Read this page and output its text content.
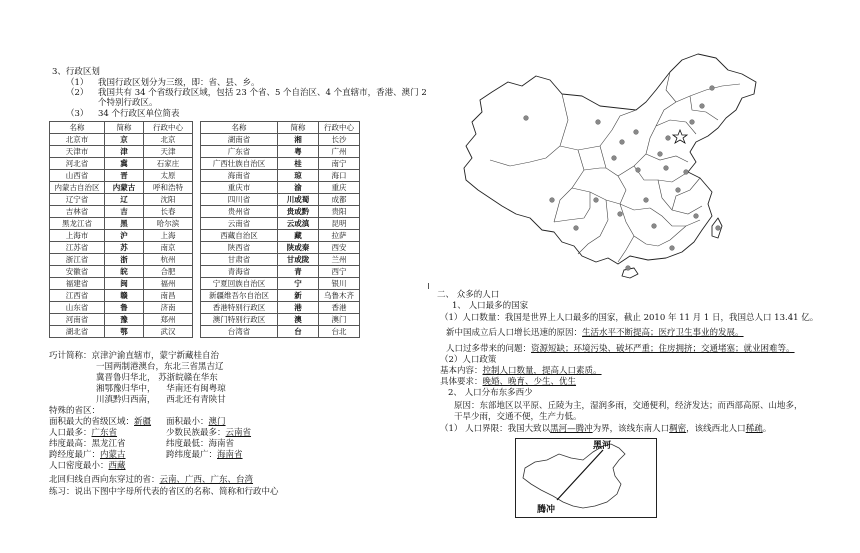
3、行政区划
（1） 我国行政区划分为三级，即：省、县、乡。
（2） 我国共有 34 个省级行政区域，包括 23 个省、5 个自治区、4 个直辖市，香港、澳门 2
个特别行政区。
（3） 34 个行政区单位简表
名称	简称	行政中心
北京市	京	北京
天津市	津	天津
河北省	冀	石家庄
山西省	晋	太原
内蒙古自治区	内蒙古	呼和浩特
辽宁省	辽	沈阳
吉林省	吉	长春
黑龙江省	黑	哈尔滨
上海市	沪	上海
江苏省	苏	南京
浙江省	浙	杭州
安徽省	皖	合肥
福建省	闽	福州
江西省	赣	南昌
山东省	鲁	济南
河南省	豫	郑州
湖北省	鄂	武汉
名称	简称	行政中心
湖南省	湘	长沙
广东省	粤	广州
广西壮族自治区	桂	南宁
海南省	琼	海口
重庆市	渝	重庆
四川省	川或蜀	成都
贵州省	贵或黔	贵阳
云南省	云或滇	昆明
西藏自治区	藏	拉萨
陕西省	陕或秦	西安
甘肃省	甘或陇	兰州
青海省	青	西宁
宁夏回族自治区	宁	银川
新疆维吾尔自治区	新	乌鲁木齐
香港特别行政区	港	香港
澳门特别行政区	澳	澳门
台湾省	台	台北
巧计简称：京津沪渝直辖市，蒙宁新藏桂自治
一国两制港澳台，东北三省黑吉辽
冀晋鲁归华北， 苏浙皖赣在华东
湘鄂豫归华中，    华南还有闽粤琼
川滇黔归西南，    西北还有青陕甘
特殊的省区：
面积最大的省级区域：新疆 面积最小：澳门
人口最多：广东省	少数民族最多：云南省
纬度最高：黑龙江省	纬度最低：海南省
跨经度最广：内蒙古	跨纬度最广：海南省
人口密度最小：西藏
北回归线自西向东穿过的省：云南、广西、广东、台湾
练习：说出下图中字母所代表的省区的名称、简称和行政中心
二、 众多的人口
1、 人口最多的国家
（1）人口数量：我国是世界上人口最多的国家，截止 2010 年 11 月 1 日，我国总人口 13.41 亿。
新中国成立后人口增长迅速的原因：生活水平不断提高；医疗卫生事业的发展。
人口过多带来的问题：资源短缺；环境污染、破坏严重；住房拥挤；交通堵塞；就业困难等。
（2）人口政策
基本内容：控制人口数量，提高人口素质。
具体要求：晚婚、晚育、少生、优生
2、 人口分布东多西少
原因：东部地区以平原、丘陵为主，湿润多雨，交通便利，经济发达；而西部高原、山地多，
干旱少雨，交通不便，生产力低。
（1） 人口界限：我国大致以黑河—腾冲为界，该线东南人口稠密，该线西北人口稀疏。
黑河
腾冲
